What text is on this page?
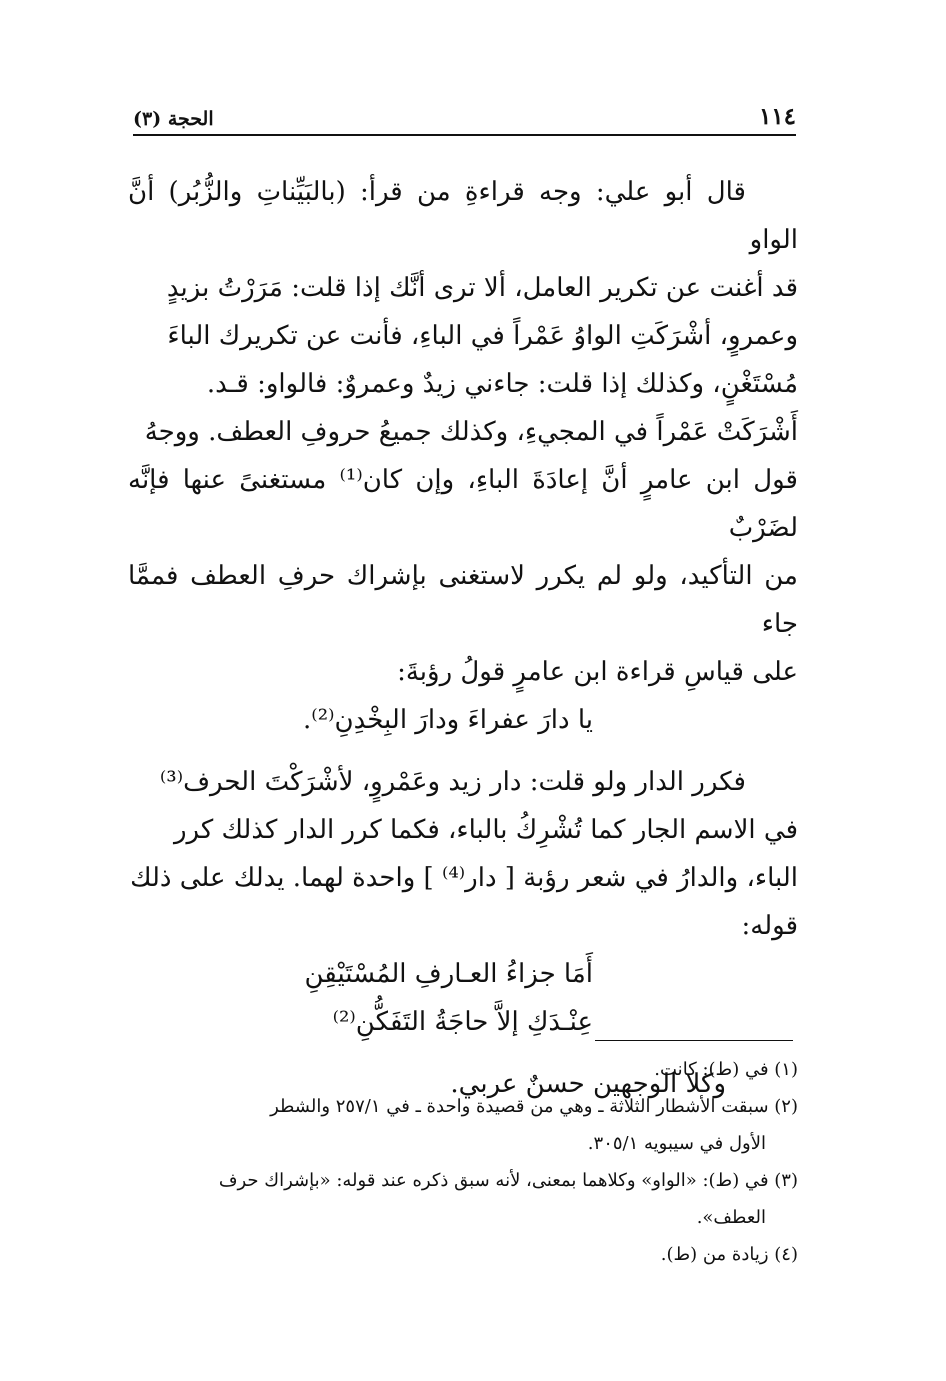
١١٤
الحجة (٣)

قال أبو علي: وجه قراءةِ من قرأ: (بالبَيِّناتِ والزُّبُر) أنَّ الواو

قد أغنت عن تكرير العامل، ألا ترى أنَّك إذا قلت: مَرَرْتُ بزيدٍ

وعمروٍ، أشْرَكَتِ الواوُ عَمْراً في الباءِ، فأنت عن تكريرك الباءَ

مُسْتَغْنٍ، وكذلك إذا قلت: جاءني زيدٌ وعمروٌ: فالواو: قـد.

أَشْرَكَتْ عَمْراً في المجيءِ، وكذلك جميعُ حروفِ العطف. ووجهُ

قول ابن عامرٍ أنَّ إعادَةَ الباءِ، وإن كان⁽¹⁾ مستغنىً عنها فإنَّه لضَرْبٌ

من التأكيد، ولو لم يكرر لاستغنى بإشراك حرفِ العطف فممَّا جاء

على قياسِ قراءة ابن عامرٍ قولُ رؤبةَ:

يا دارَ عفراءَ ودارَ البِخْدِنِ⁽²⁾.

فكرر الدار ولو قلت: دار زيد وعَمْروٍ، لأشْرَكْتَ الحرف⁽³⁾

في الاسم الجار كما تُشْرِكُ بالباء، فكما كرر الدار كذلك كرر

الباء، والدارُ في شعر رؤبة [ دار⁽⁴⁾ ] واحدة لهما. يدلك على ذلك

قوله:

أَمَا جزاءُ العـارفِ المُسْتَيْقِنِ

عِنْـدَكِ إلاَّ حاجَةُ التَفَكُّنِ⁽²⁾

وكلا الوجهين حسنٌ عربي.

(١) في (ط): كانت.

(٢) سبقت الأشطار الثلاثة ـ وهي من قصيدة واحدة ـ في ٢٥٧/١ والشطر

الأول في سيبويه ٣٠٥/١.

(٣) في (ط): «الواو» وكلاهما بمعنى، لأنه سبق ذكره عند قوله: «بإشراك حرف

العطف».

(٤) زيادة من (ط).
